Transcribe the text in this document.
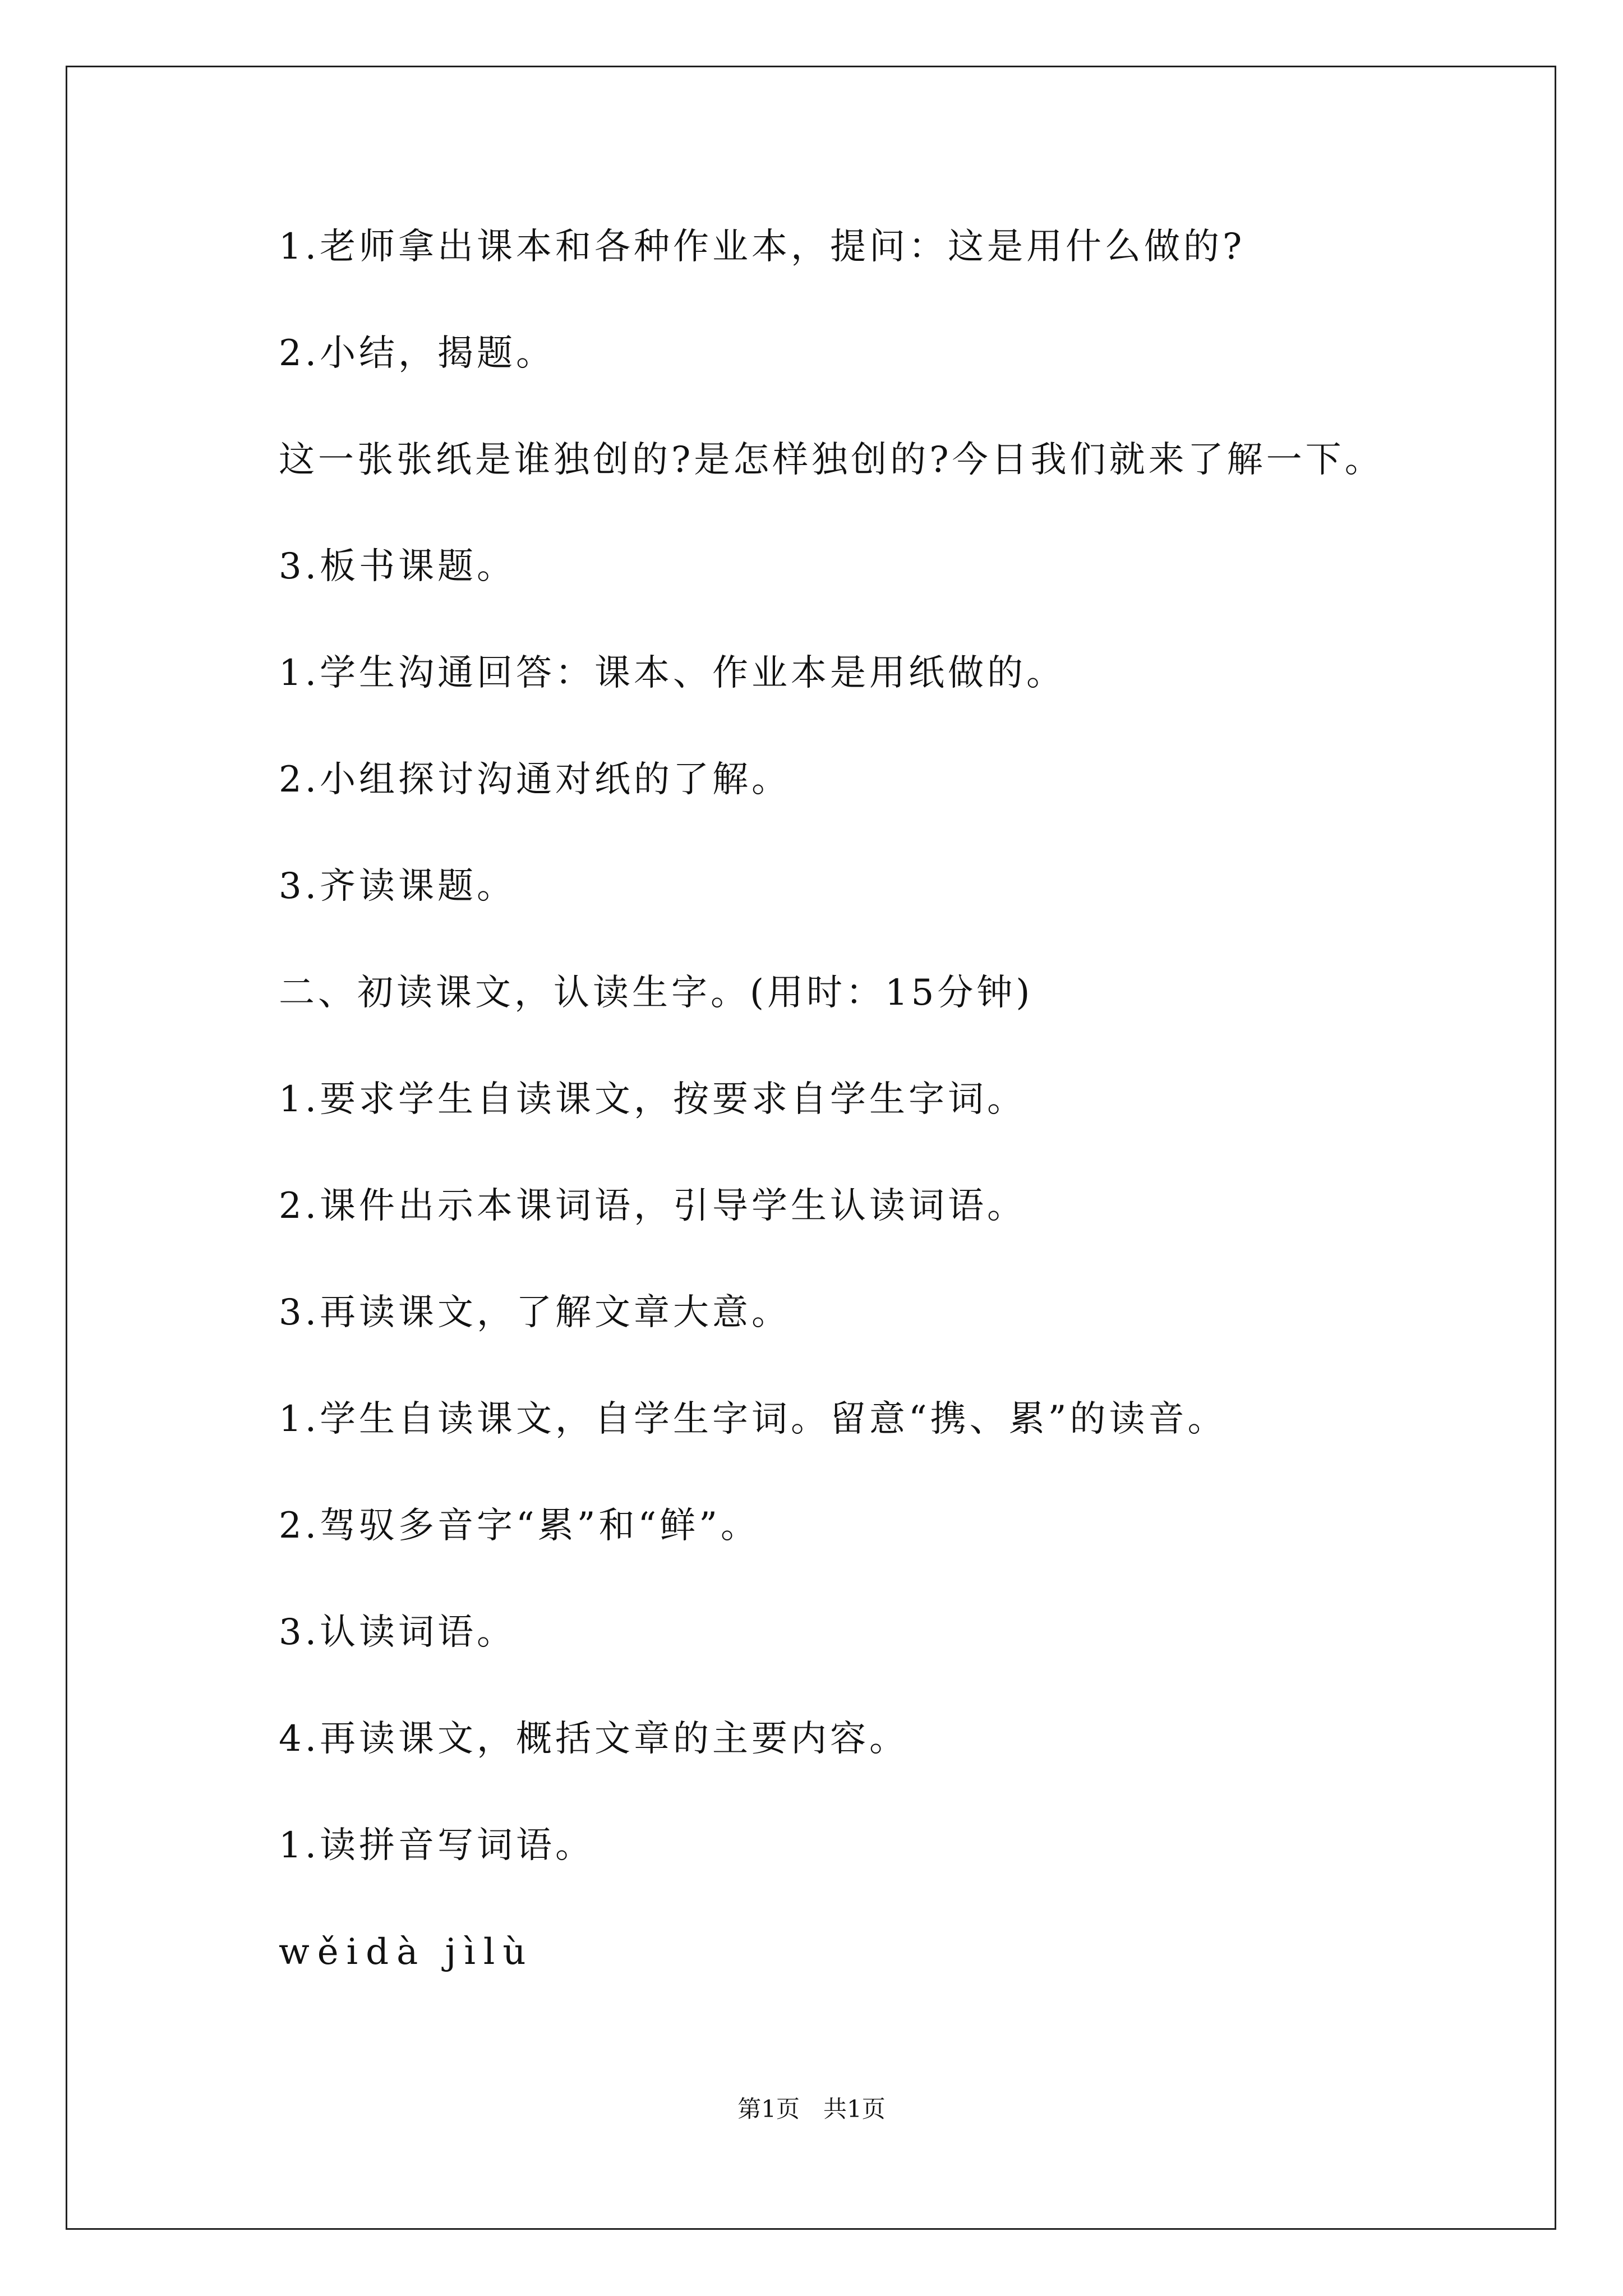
1.老师拿出课本和各种作业本，提问：这是用什么做的?

2.小结，揭题。

这一张张纸是谁独创的?是怎样独创的?今日我们就来了解一下。

3.板书课题。

1.学生沟通回答：课本、作业本是用纸做的。

2.小组探讨沟通对纸的了解。

3.齐读课题。

二、初读课文，认读生字。(用时：15分钟)

1.要求学生自读课文，按要求自学生字词。

2.课件出示本课词语，引导学生认读词语。

3.再读课文，了解文章大意。

1.学生自读课文，自学生字词。留意“携、累”的读音。

2.驾驭多音字“累”和“鲜”。

3.认读词语。

4.再读课文，概括文章的主要内容。

1.读拼音写词语。

wěidà jìlù

第1页　共1页
